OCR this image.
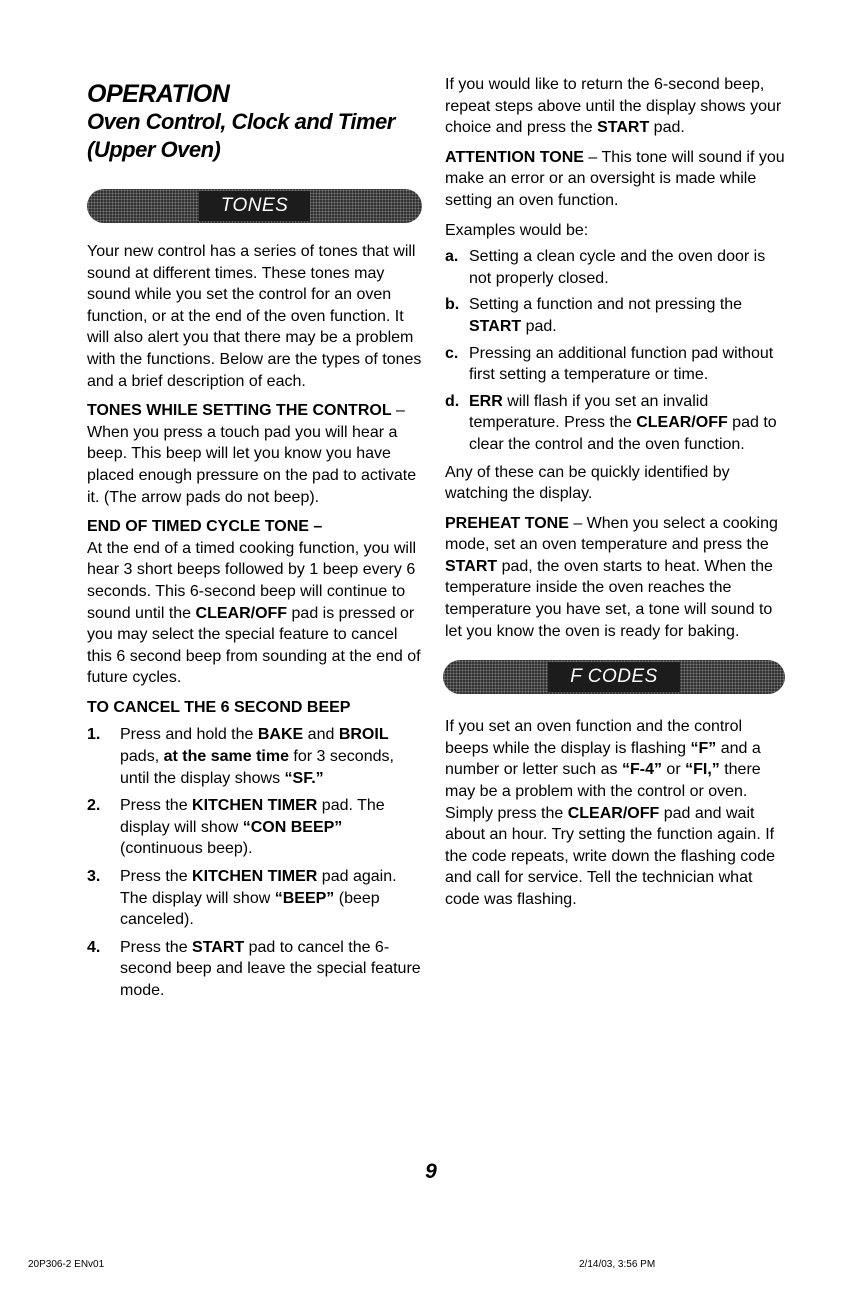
OPERATION

Oven Control, Clock and Timer

(Upper Oven)

TONES

Your new control has a series of tones that will sound at different times. These tones may sound while you set the control for an oven function, or at the end of the oven function. It will also alert you that there may be a problem with the functions. Below are the types of tones and a brief description of each.

TONES WHILE SETTING THE CONTROL – When you press a touch pad you will hear a beep. This beep will let you know you have placed enough pressure on the pad to activate it. (The arrow pads do not beep).

END OF TIMED CYCLE TONE –

At the end of a timed cooking function, you will hear 3 short beeps followed by 1 beep every 6 seconds. This 6-second beep will continue to sound until the CLEAR/OFF pad is pressed or you may select the special feature to cancel this 6 second beep from sounding at the end of future cycles.

TO CANCEL THE 6 SECOND BEEP

1. Press and hold the BAKE and BROIL pads, at the same time for 3 seconds, until the display shows “SF.”
2. Press the KITCHEN TIMER pad. The display will show “CON BEEP” (continuous beep).
3. Press the KITCHEN TIMER pad again. The display will show “BEEP” (beep canceled).
4. Press the START pad to cancel the 6-second beep and leave the special feature mode.

If you would like to return the 6-second beep, repeat steps above until the display shows your choice and press the START pad.

ATTENTION TONE – This tone will sound if you make an error or an oversight is made while setting an oven function.

Examples would be:

a. Setting a clean cycle and the oven door is not properly closed.
b. Setting a function and not pressing the START pad.
c. Pressing an additional function pad without first setting a temperature or time.
d. ERR will flash if you set an invalid temperature. Press the CLEAR/OFF pad to clear the control and the oven function.

Any of these can be quickly identified by watching the display.

PREHEAT TONE – When you select a cooking mode, set an oven temperature and press the START pad, the oven starts to heat. When the temperature inside the oven reaches the temperature you have set, a tone will sound to let you know the oven is ready for baking.

F CODES

If you set an oven function and the control beeps while the display is flashing “F” and a number or letter such as “F-4” or “FI,” there may be a problem with the control or oven. Simply press the CLEAR/OFF pad and wait about an hour. Try setting the function again. If the code repeats, write down the flashing code and call for service. Tell the technician what code was flashing.

9
20P306-2 ENv01	2/14/03, 3:56 PM
